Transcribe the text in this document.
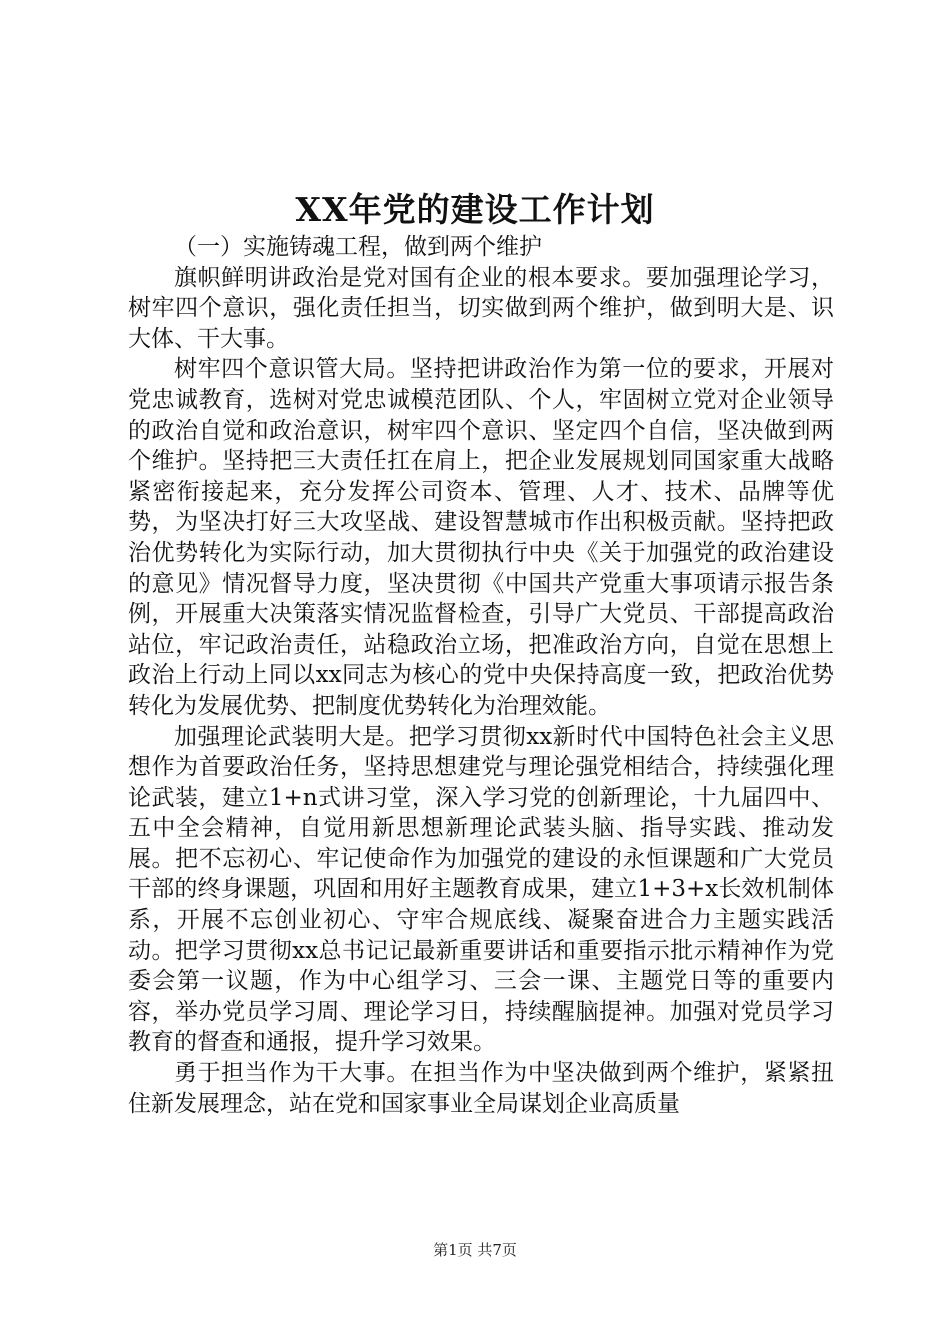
XX年党的建设工作计划

（一）实施铸魂工程，做到两个维护

旗帜鲜明讲政治是党对国有企业的根本要求。要加强理论学习，树牢四个意识，强化责任担当，切实做到两个维护，做到明大是、识大体、干大事。

树牢四个意识管大局。坚持把讲政治作为第一位的要求，开展对党忠诚教育，选树对党忠诚模范团队、个人，牢固树立党对企业领导的政治自觉和政治意识，树牢四个意识、坚定四个自信，坚决做到两个维护。坚持把三大责任扛在肩上，把企业发展规划同国家重大战略紧密衔接起来，充分发挥公司资本、管理、人才、技术、品牌等优势，为坚决打好三大攻坚战、建设智慧城市作出积极贡献。坚持把政治优势转化为实际行动，加大贯彻执行中央《关于加强党的政治建设的意见》情况督导力度，坚决贯彻《中国共产党重大事项请示报告条例，开展重大决策落实情况监督检查，引导广大党员、干部提高政治站位，牢记政治责任，站稳政治立场，把准政治方向，自觉在思想上政治上行动上同以xx同志为核心的党中央保持高度一致，把政治优势转化为发展优势、把制度优势转化为治理效能。

加强理论武装明大是。把学习贯彻xx新时代中国特色社会主义思想作为首要政治任务，坚持思想建党与理论强党相结合，持续强化理论武装，建立1+n式讲习堂，深入学习党的创新理论，十九届四中、五中全会精神，自觉用新思想新理论武装头脑、指导实践、推动发展。把不忘初心、牢记使命作为加强党的建设的永恒课题和广大党员干部的终身课题，巩固和用好主题教育成果，建立1+3+x长效机制体系，开展不忘创业初心、守牢合规底线、凝聚奋进合力主题实践活动。把学习贯彻xx总书记记最新重要讲话和重要指示批示精神作为党委会第一议题，作为中心组学习、三会一课、主题党日等的重要内容，举办党员学习周、理论学习日，持续醒脑提神。加强对党员学习教育的督查和通报，提升学习效果。

勇于担当作为干大事。在担当作为中坚决做到两个维护，紧紧扭住新发展理念，站在党和国家事业全局谋划企业高质量

第1页 共7页
